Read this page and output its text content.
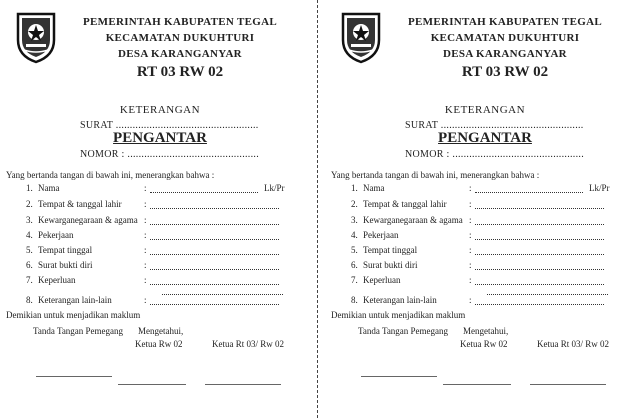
PEMERINTAH KABUPATEN TEGAL
KECAMATAN DUKUHTURI
DESA KARANGANYAR
RT 03 RW 02
KETERANGAN
SURAT ...................................................
PENGANTAR
NOMOR : ...............................................
Yang bertanda tangan di bawah ini, menerangkan bahwa :
1. Nama	:	Lk/Pr
2. Tempat & tanggal lahir :
3. Kewarganegaraan & agama :
4. Pekerjaan	:
5. Tempat tinggal	:
6. Surat bukti diri	:
7. Keperluan	:
8. Keterangan lain-lain	:
Demikian untuk menjadikan maklum
Tanda Tangan Pemegang Mengetahui,
Ketua Rw 02	Ketua Rt 03/ Rw 02
PEMERINTAH KABUPATEN TEGAL
KECAMATAN DUKUHTURI
DESA KARANGANYAR
RT 03 RW 02
KETERANGAN
SURAT ...................................................
PENGANTAR
NOMOR : ...............................................
Yang bertanda tangan di bawah ini, menerangkan bahwa :
1. Nama	:	Lk/Pr
2. Tempat & tanggal lahir :
3. Kewarganegaraan & agama :
4. Pekerjaan	:
5. Tempat tinggal	:
6. Surat bukti diri	:
7. Keperluan	:
8. Keterangan lain-lain	:
Demikian untuk menjadikan maklum
Tanda Tangan Pemegang Mengetahui,
Ketua Rw 02	Ketua Rt 03/ Rw 02
